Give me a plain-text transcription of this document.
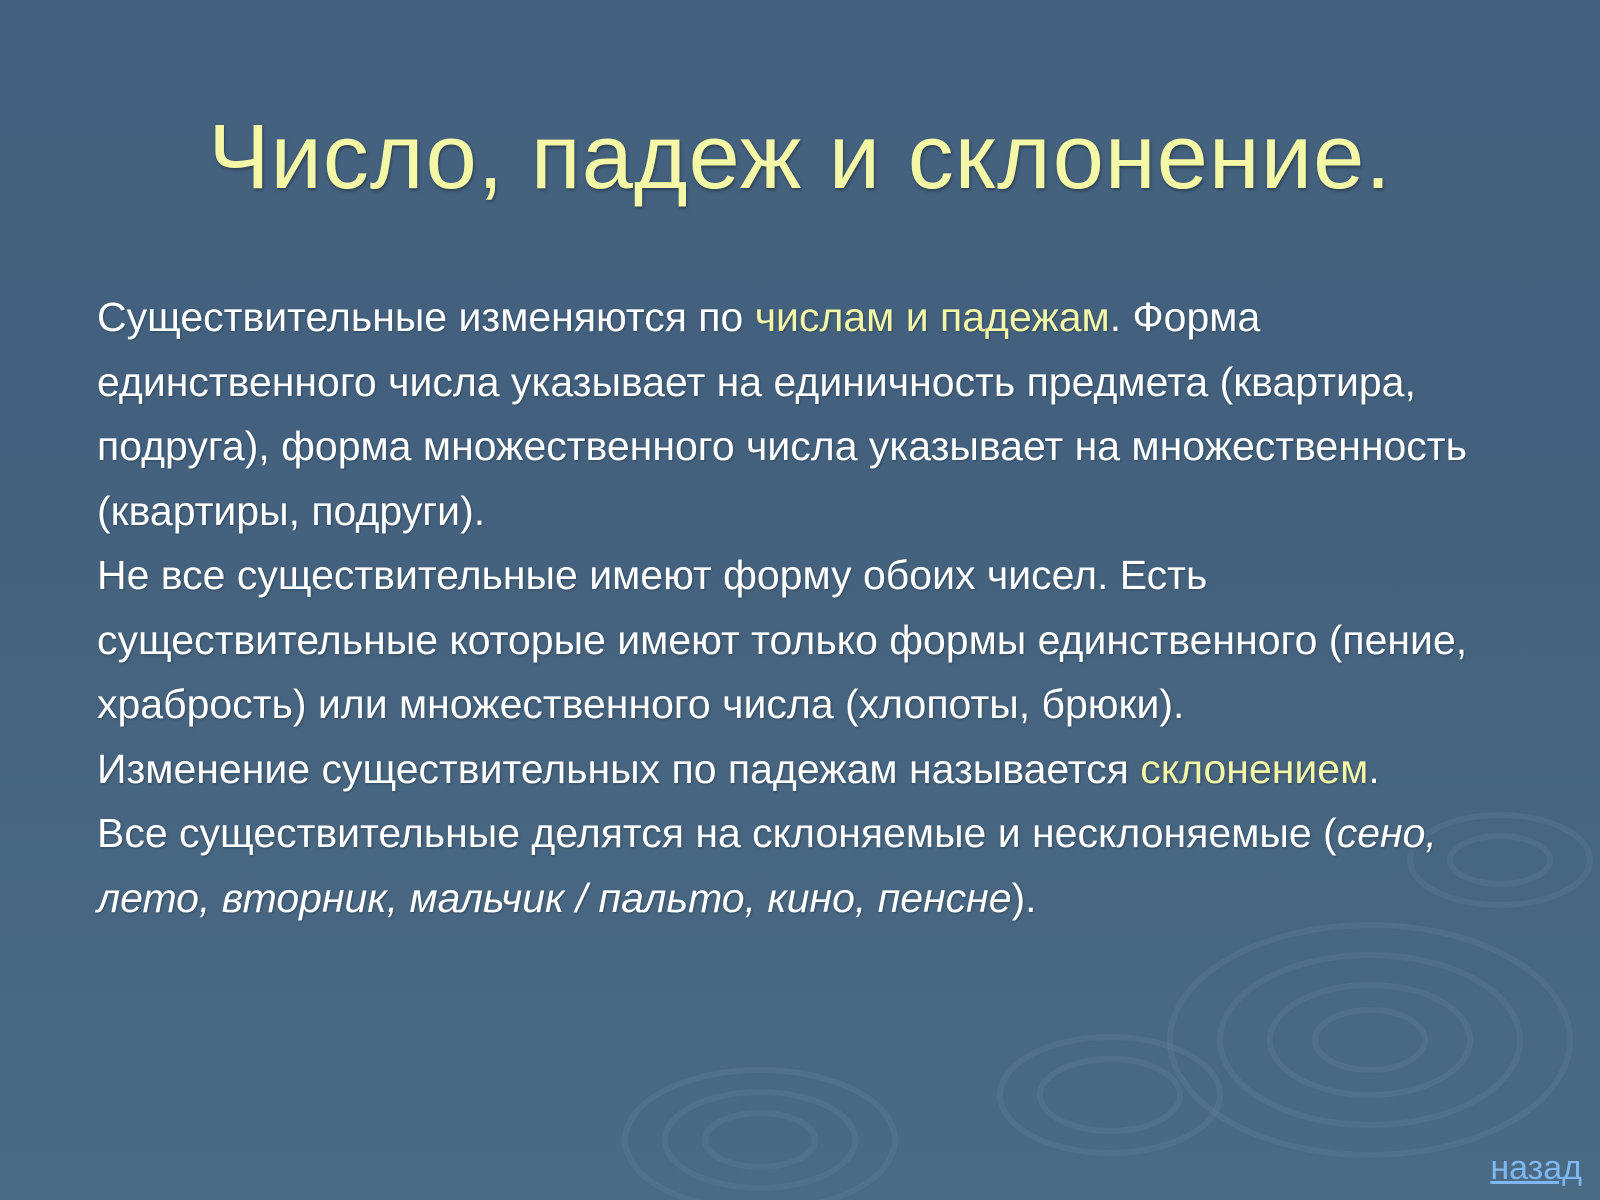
Число, падеж и склонение.

Существительные изменяются по числам и падежам. Форма единственного числа указывает на единичность предмета (квартира, подруга), форма множественного числа указывает на множественность (квартиры, подруги).

Не все существительные имеют форму обоих чисел. Есть существительные которые имеют только формы единственного (пение, храбрость) или множественного числа (хлопоты, брюки).

Изменение существительных по падежам называется склонением.

Все существительные делятся на склоняемые и несклоняемые (сено, лето, вторник, мальчик / пальто, кино, пенсне).

назад
